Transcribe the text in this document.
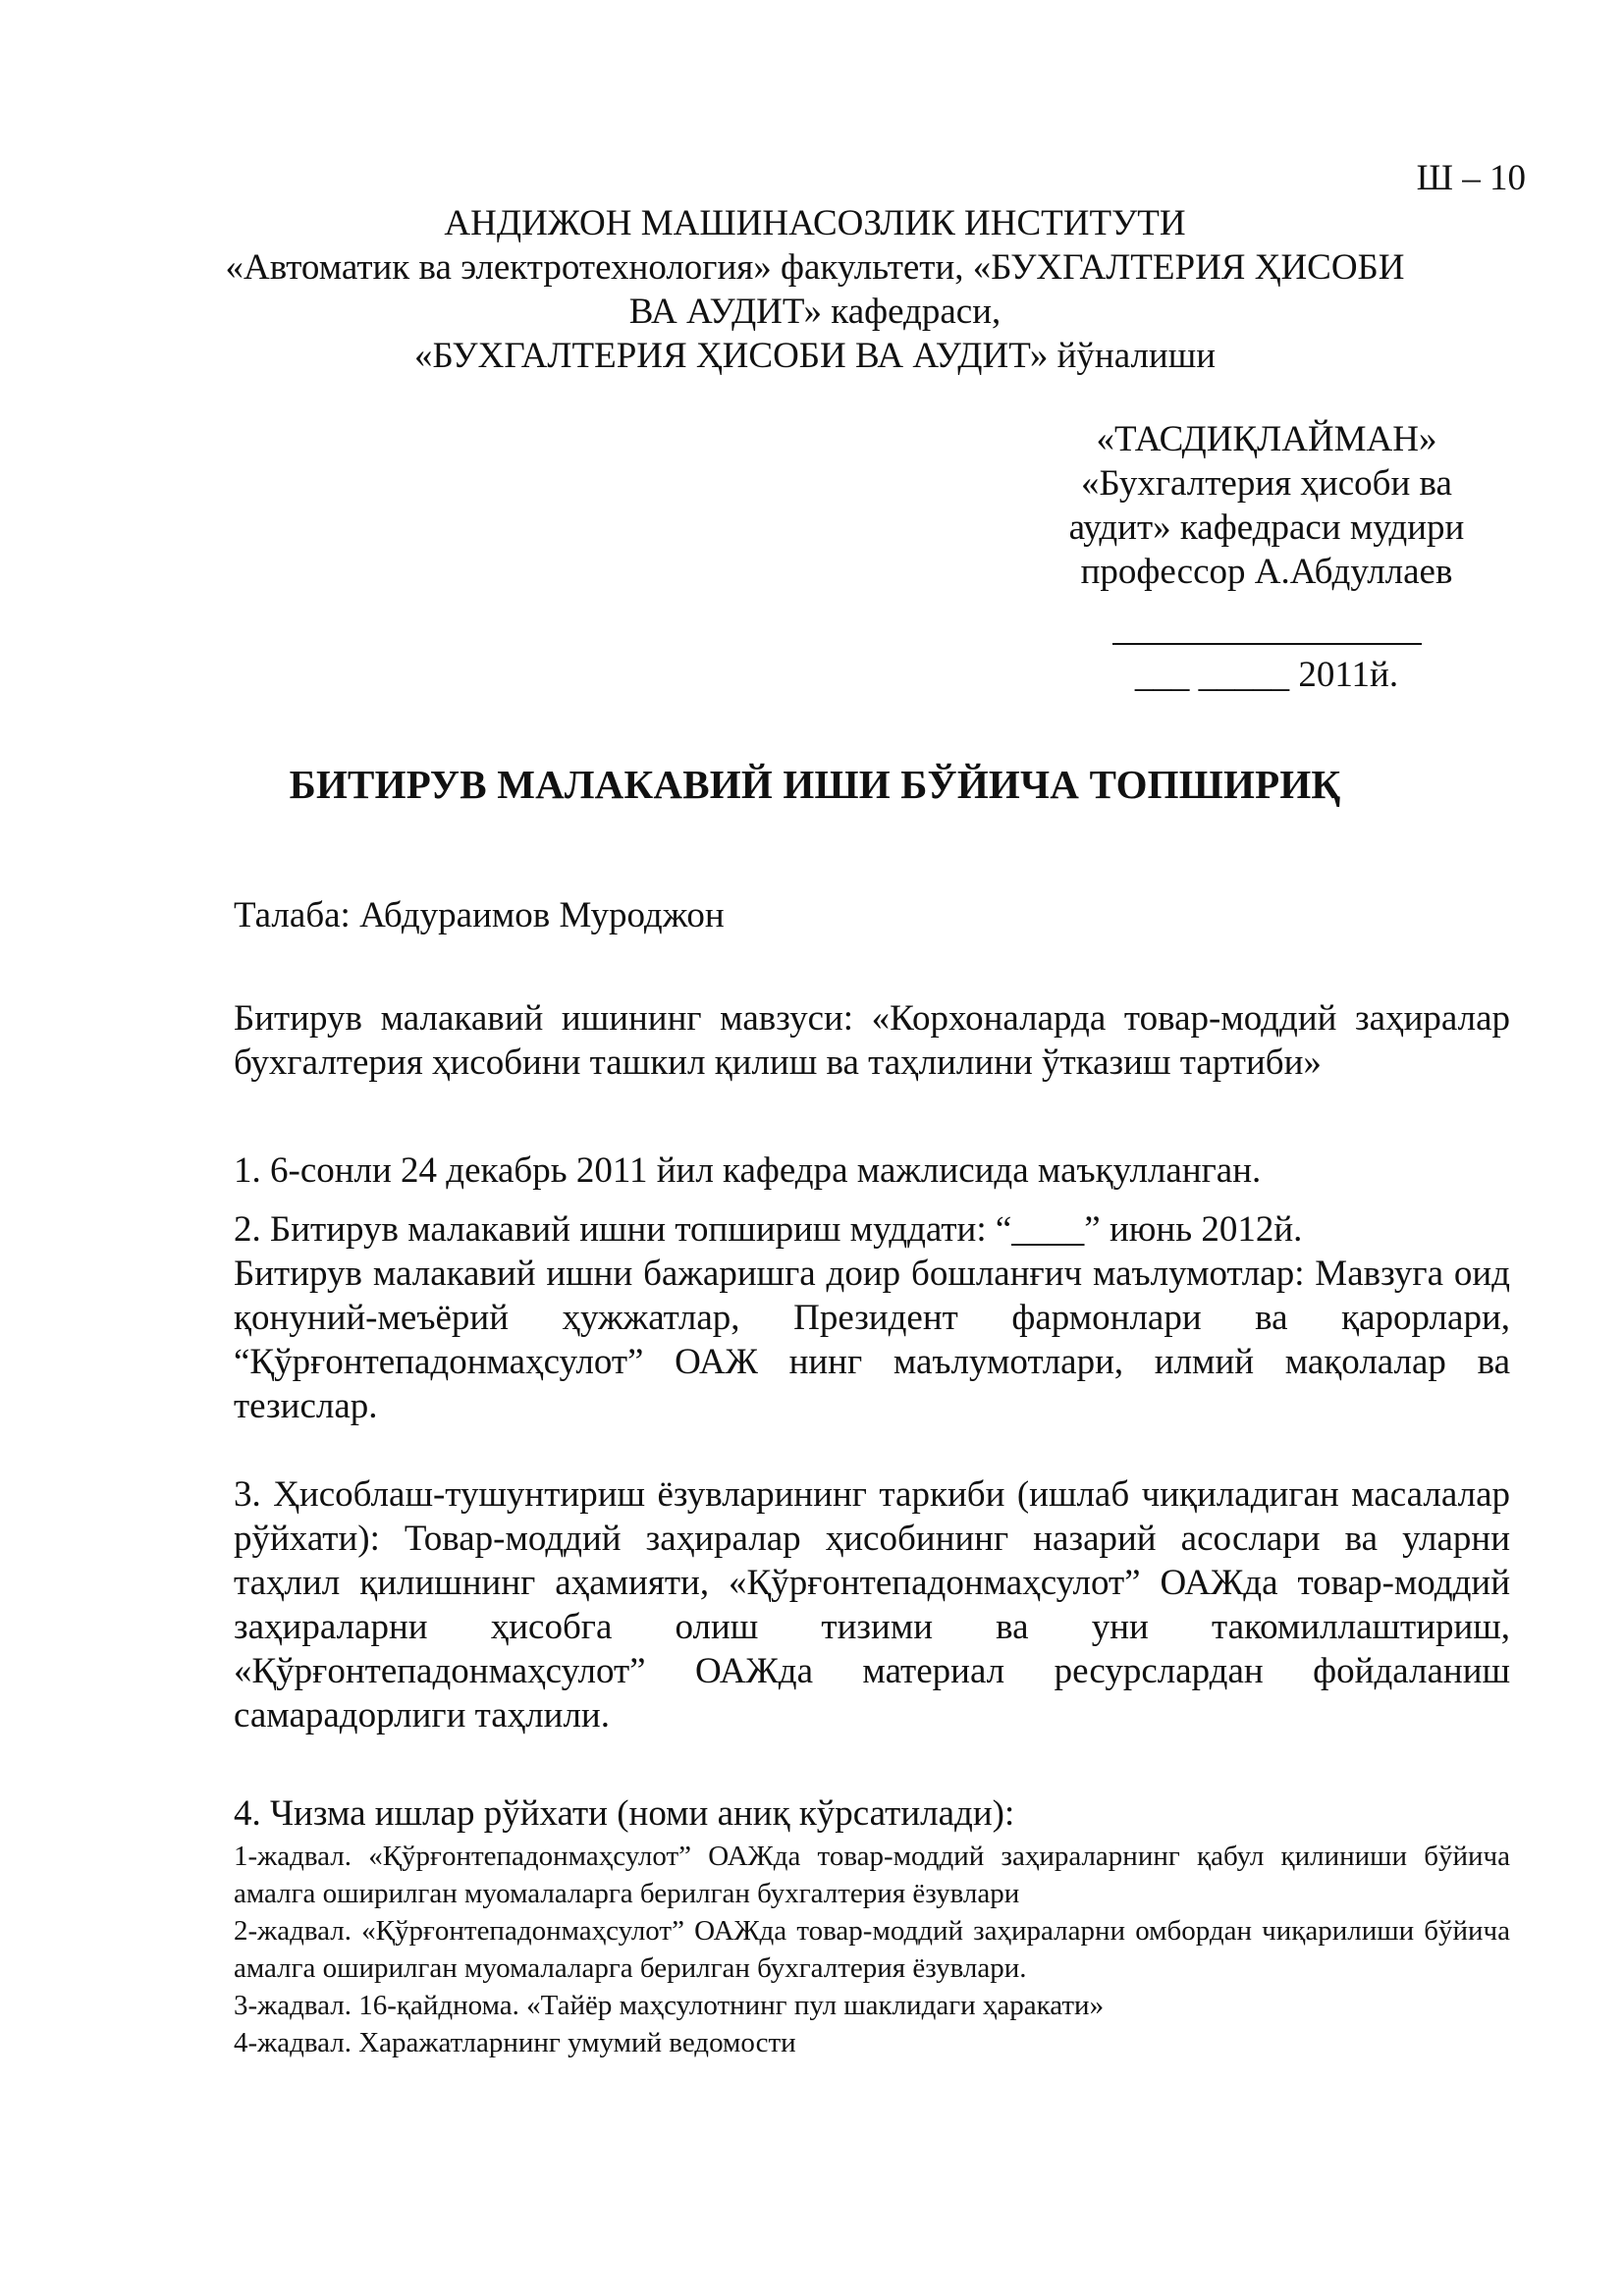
Ш – 10
АНДИЖОН МАШИНАСОЗЛИК ИНСТИТУТИ
«Автоматик ва электротехнология» факультети, «БУХГАЛТЕРИЯ ҲИСОБИ
ВА АУДИТ» кафедраси,
«БУХГАЛТЕРИЯ ҲИСОБИ ВА АУДИТ» йўналиши
«ТАСДИҚЛАЙМАН»
«Бухгалтерия ҳисоби ва
аудит» кафедраси мудири
профессор А.Абдуллаев
___ _____ 2011й.
БИТИРУВ МАЛАКАВИЙ ИШИ БЎЙИЧА ТОПШИРИҚ
Талаба: Абдураимов Муроджон
Битирув малакавий ишининг мавзуси: «Корхоналарда товар-моддий заҳиралар бухгалтерия ҳисобини ташкил қилиш ва таҳлилини ўтказиш тартиби»
1. 6-сонли 24 декабрь 2011 йил кафедра мажлисида маъқулланган.
2. Битирув малакавий ишни топшириш муддати: “____” июнь 2012й.
Битирув малакавий ишни бажаришга доир бошланғич маълумотлар: Мавзуга оид қонуний-меъёрий ҳужжатлар, Президент фармонлари ва қарорлари, “Қўрғонтепадонмаҳсулот” ОАЖ нинг маълумотлари, илмий мақолалар ва тезислар.
3. Ҳисоблаш-тушунтириш ёзувларининг таркиби (ишлаб чиқиладиган масалалар рўйхати): Товар-моддий заҳиралар ҳисобининг назарий асослари ва уларни таҳлил қилишнинг аҳамияти, «Қўрғонтепадонмаҳсулот” ОАЖда товар-моддий заҳираларни ҳисобга олиш тизими ва уни такомиллаштириш, «Қўрғонтепадонмаҳсулот” ОАЖда материал ресурслардан фойдаланиш самарадорлиги таҳлили.
4. Чизма ишлар рўйхати (номи аниқ кўрсатилади):
1-жадвал. «Қўрғонтепадонмаҳсулот” ОАЖда товар-моддий заҳираларнинг қабул қилиниши бўйича амалга оширилган муомалаларга берилган бухгалтерия ёзувлари
2-жадвал. «Қўрғонтепадонмаҳсулот” ОАЖда товар-моддий заҳираларни омбордан чиқарилиши бўйича амалга оширилган муомалаларга берилган бухгалтерия ёзувлари.
3-жадвал. 16-қайднома. «Тайёр маҳсулотнинг пул шаклидаги ҳаракати»
4-жадвал. Харажатларнинг умумий ведомости
